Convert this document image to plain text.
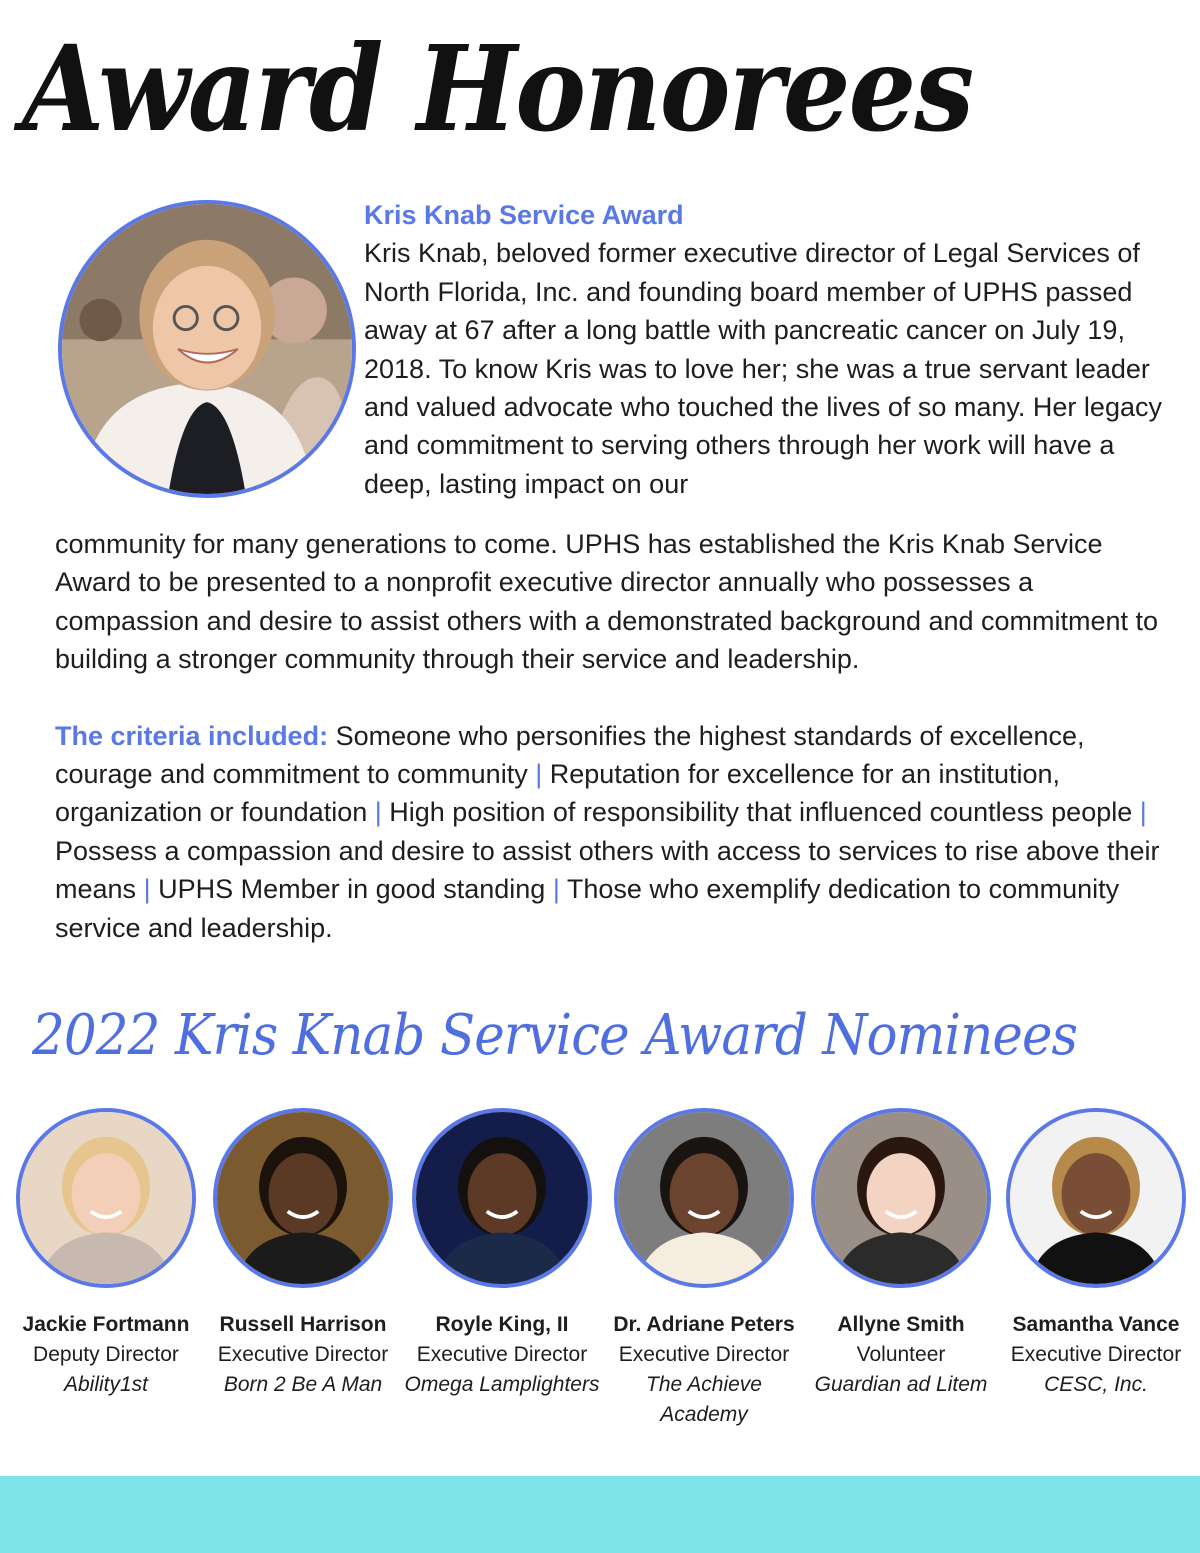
Award Honorees
Kris Knab Service Award
Kris Knab, beloved former executive director of Legal Services of North Florida, Inc. and founding board member of UPHS passed away at 67 after a long battle with pancreatic cancer on July 19, 2018. To know Kris was to love her; she was a true servant leader and valued advocate who touched the lives of so many. Her legacy and commitment to serving others through her work will have a deep, lasting impact on our

community for many generations to come. UPHS has established the Kris Knab Service Award to be presented to a nonprofit executive director annually who possesses a compassion and desire to assist others with a demonstrated background and commitment to building a stronger community through their service and leadership.

The criteria included: Someone who personifies the highest standards of excellence, courage and commitment to community | Reputation for excellence for an institution, organization or foundation | High position of responsibility that influenced countless people | Possess a compassion and desire to assist others with access to services to rise above their means | UPHS Member in good standing | Those who exemplify dedication to community service and leadership.

2022 Kris Knab Service Award Nominees
Jackie Fortmann
Deputy Director
Ability1st
Russell Harrison
Executive Director
Born 2 Be A Man
Royle King, II
Executive Director
Omega Lamplighters
Dr. Adriane Peters
Executive Director
The Achieve Academy
Allyne Smith
Volunteer
Guardian ad Litem
Samantha Vance
Executive Director
CESC, Inc.
